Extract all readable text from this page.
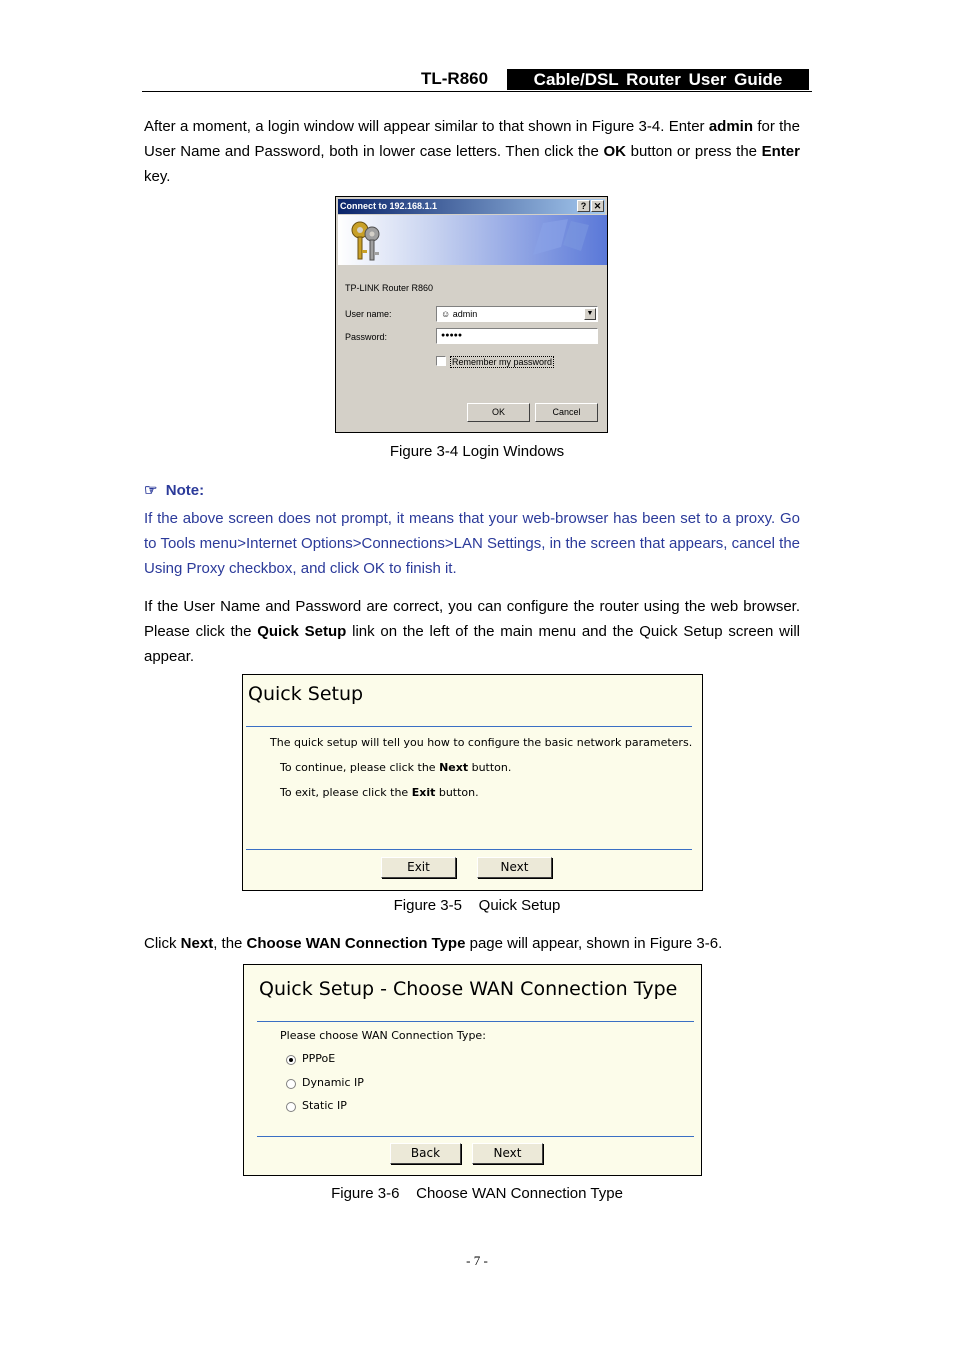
TL-R860	Cable/DSL Router User Guide
After a moment, a login window will appear similar to that shown in Figure 3-4. Enter admin for the User Name and Password, both in lower case letters. Then click the OK button or press the Enter key.
Connect to 192.168.1.1	? ✕
TP-LINK Router R860
User name:	☺ admin	▼
Password:	●●●●●
Remember my password
OK	Cancel
Figure 3-4 Login Windows
☞ Note:
If the above screen does not prompt, it means that your web-browser has been set to a proxy. Go to Tools menu>Internet Options>Connections>LAN Settings, in the screen that appears, cancel the Using Proxy checkbox, and click OK to finish it.
If the User Name and Password are correct, you can configure the router using the web browser. Please click the Quick Setup link on the left of the main menu and the Quick Setup screen will appear.
Quick Setup
The quick setup will tell you how to configure the basic network parameters.
To continue, please click the Next button.
To exit, please click the Exit button.
Exit	Next
Figure 3-5    Quick Setup
Click Next, the Choose WAN Connection Type page will appear, shown in Figure 3-6.
Quick Setup - Choose WAN Connection Type
Please choose WAN Connection Type:
PPPoE
Dynamic IP
Static IP
Back	Next
Figure 3-6    Choose WAN Connection Type
- 7 -
